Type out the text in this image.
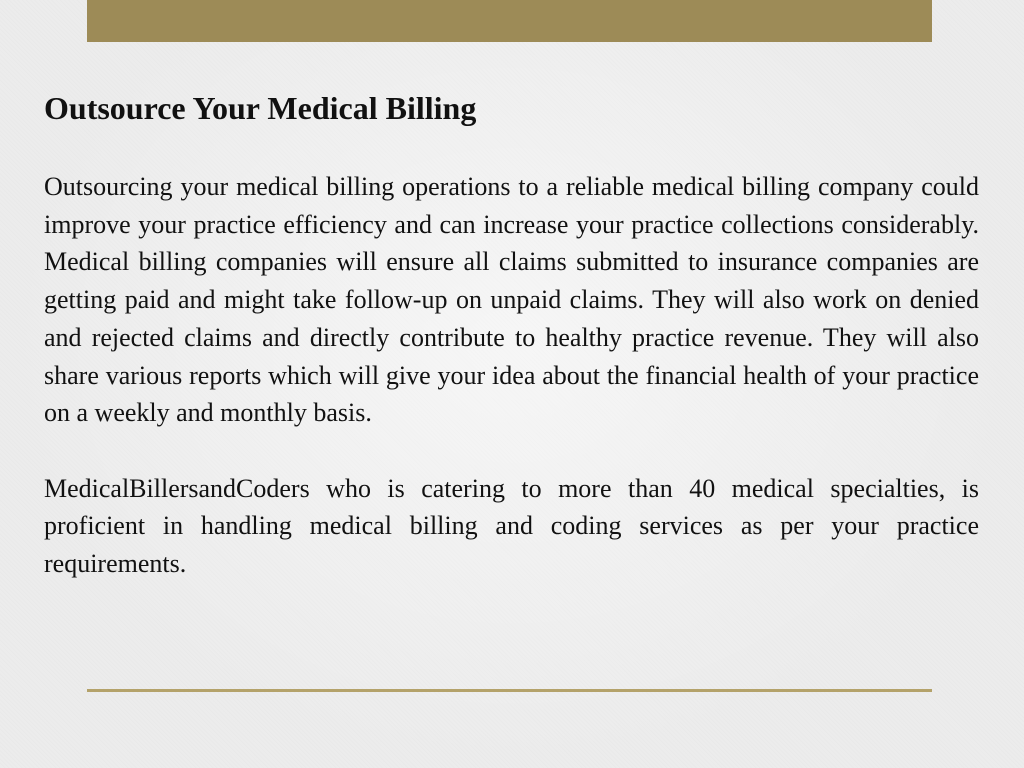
Outsource Your Medical Billing

Outsourcing your medical billing operations to a reliable medical billing company could improve your practice efficiency and can increase your practice collections considerably. Medical billing companies will ensure all claims submitted to insurance companies are getting paid and might take follow-up on unpaid claims. They will also work on denied and rejected claims and directly contribute to healthy practice revenue. They will also share various reports which will give your idea about the financial health of your practice on a weekly and monthly basis.

MedicalBillersandCoders who is catering to more than 40 medical specialties, is proficient in handling medical billing and coding services as per your practice requirements.
